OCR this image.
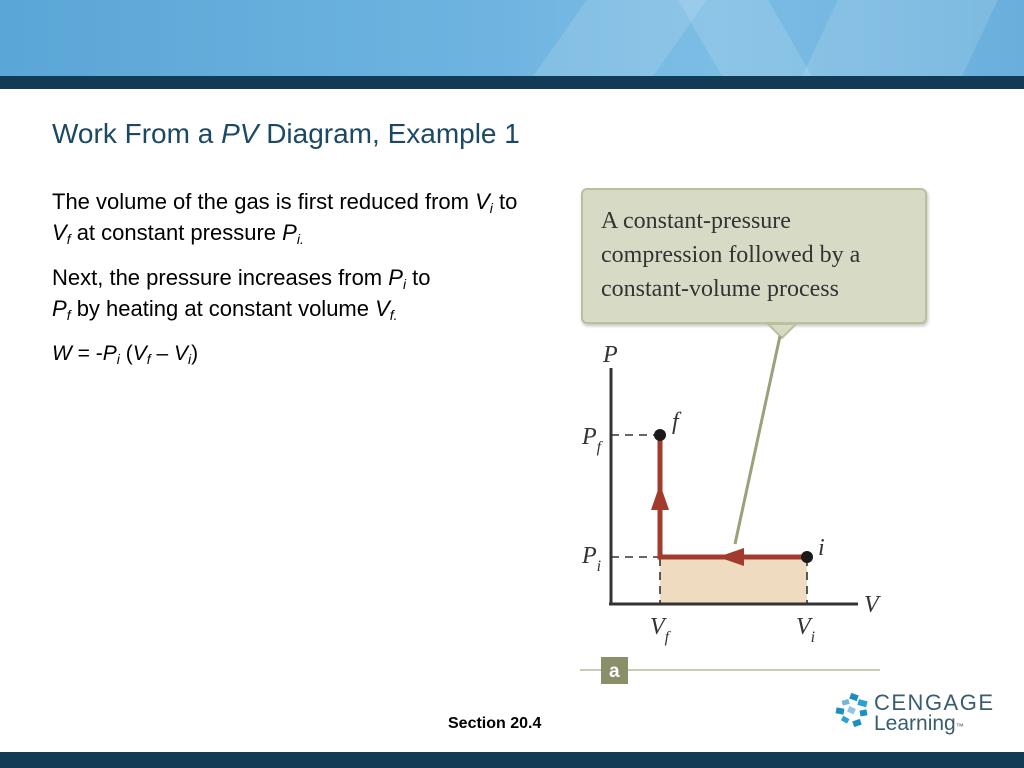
Work From a PV Diagram, Example 1

The volume of the gas is first reduced from $V_i$ to $V_f$ at constant pressure $P_{i.}$

Next, the pressure increases from $P_i$ to
$P_f$ by heating at constant volume $V_{f.}$

$W = -P_i$ $(V_f - V_i)$

A constant-pressure
compression followed by a
constant-volume process
f
i
P
V
$P_f$
$P_i$
$V_f$	$V_i$
a
Section 20.4
CENGAGE
Learning™
